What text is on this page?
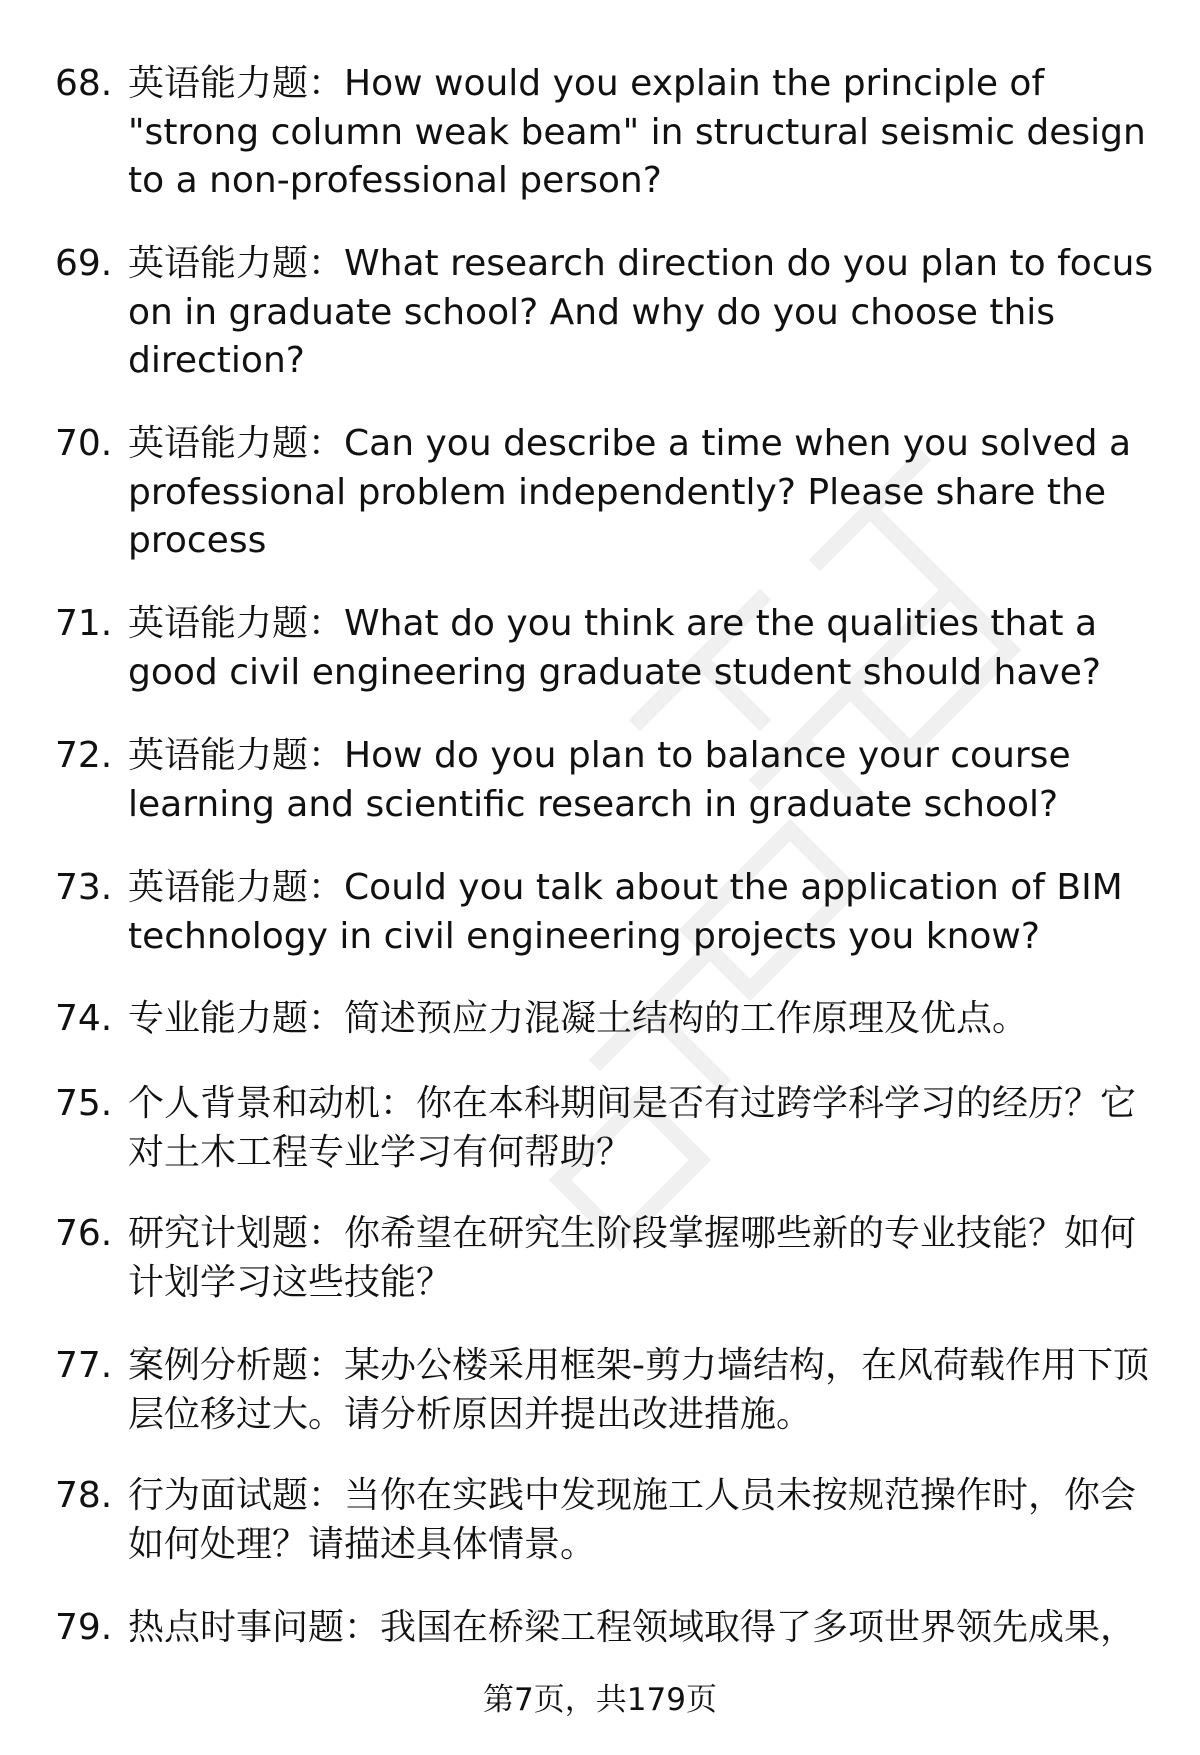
68. 英语能力题：How would you explain the principle of "strong column weak beam" in structural seismic design to a non-professional person?
69. 英语能力题：What research direction do you plan to focus on in graduate school? And why do you choose this direction?
70. 英语能力题：Can you describe a time when you solved a professional problem independently? Please share the process
71. 英语能力题：What do you think are the qualities that a good civil engineering graduate student should have?
72. 英语能力题：How do you plan to balance your course learning and scientific research in graduate school?
73. 英语能力题：Could you talk about the application of BIM technology in civil engineering projects you know?
74. 专业能力题：简述预应力混凝土结构的工作原理及优点。
75. 个人背景和动机：你在本科期间是否有过跨学科学习的经历？它对土木工程专业学习有何帮助？
76. 研究计划题：你希望在研究生阶段掌握哪些新的专业技能？如何计划学习这些技能？
77. 案例分析题：某办公楼采用框架-剪力墙结构，在风荷载作用下顶层位移过大。请分析原因并提出改进措施。
78. 行为面试题：当你在实践中发现施工人员未按规范操作时，你会如何处理？请描述具体情景。
79. 热点时事问题：我国在桥梁工程领域取得了多项世界领先成果，
第7页，共179页
